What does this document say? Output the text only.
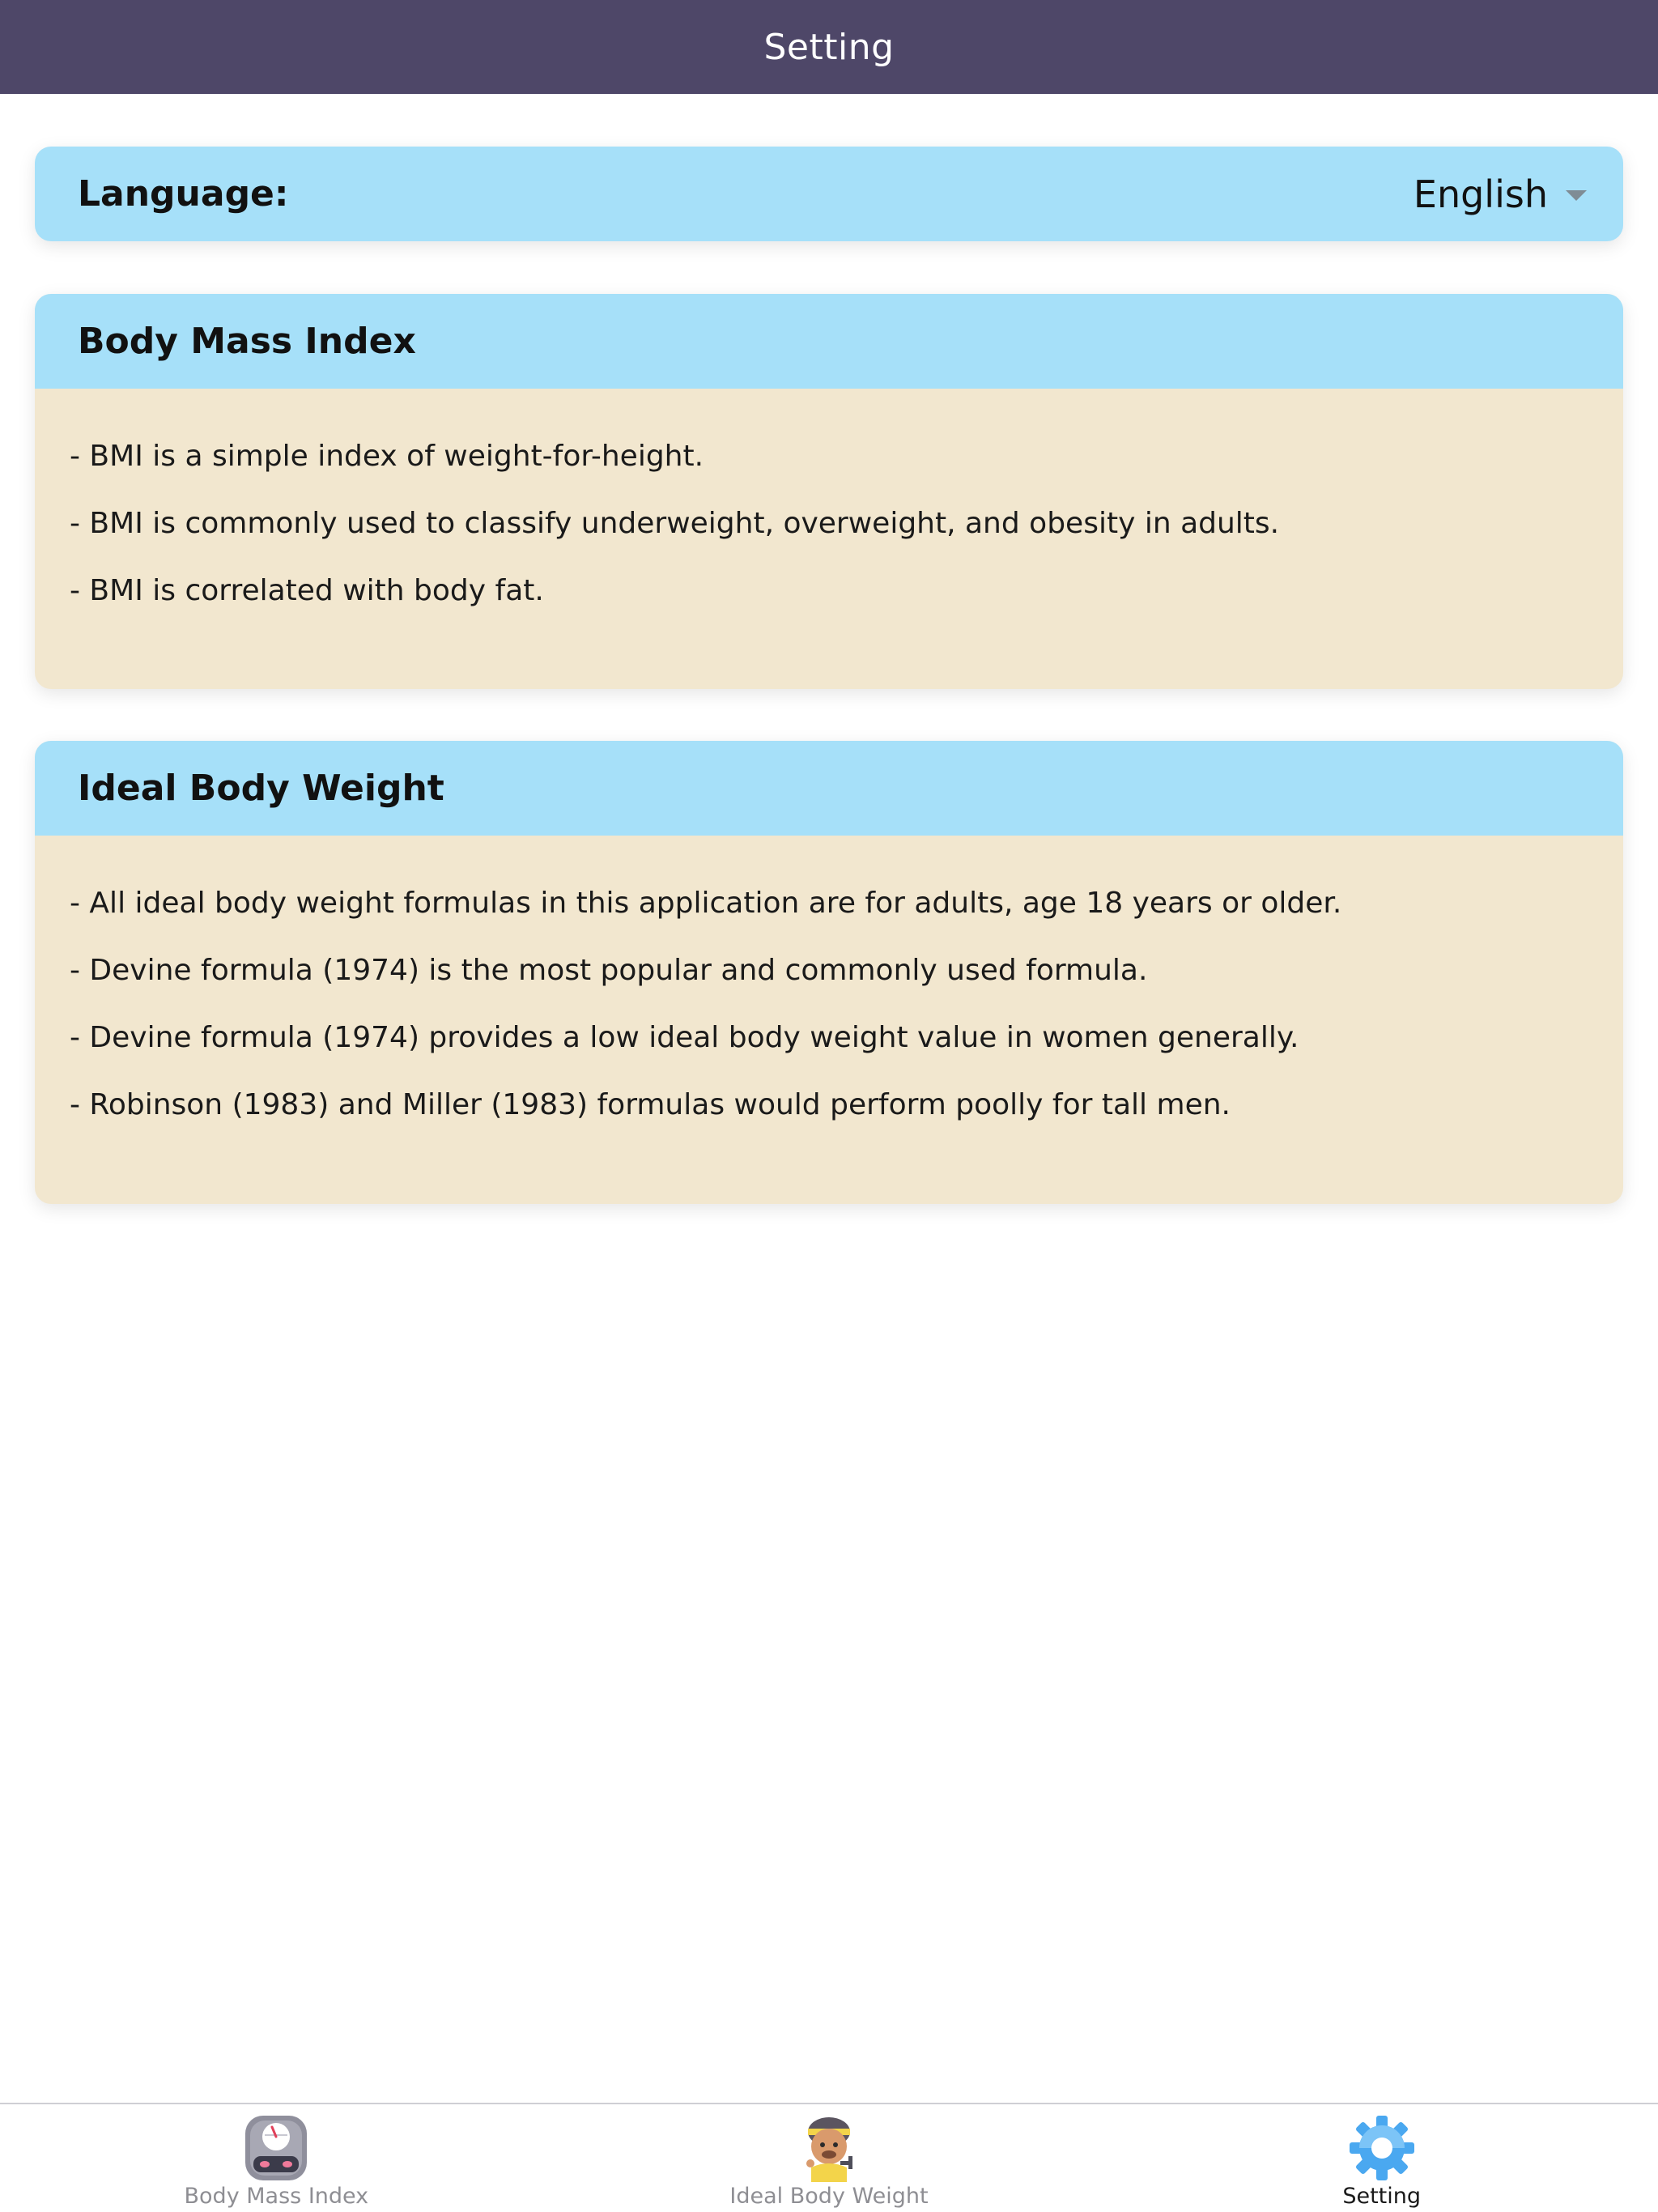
Setting
Language:	English
Body Mass Index
- BMI is a simple index of weight-for-height.
- BMI is commonly used to classify underweight, overweight, and obesity in adults.
- BMI is correlated with body fat.
Ideal Body Weight
- All ideal body weight formulas in this application are for adults, age 18 years or older.
- Devine formula (1974) is the most popular and commonly used formula.
- Devine formula (1974) provides a low ideal body weight value in women generally.
- Robinson (1983) and Miller (1983) formulas would perform poolly for tall men.
Body Mass Index	Ideal Body Weight	Setting
